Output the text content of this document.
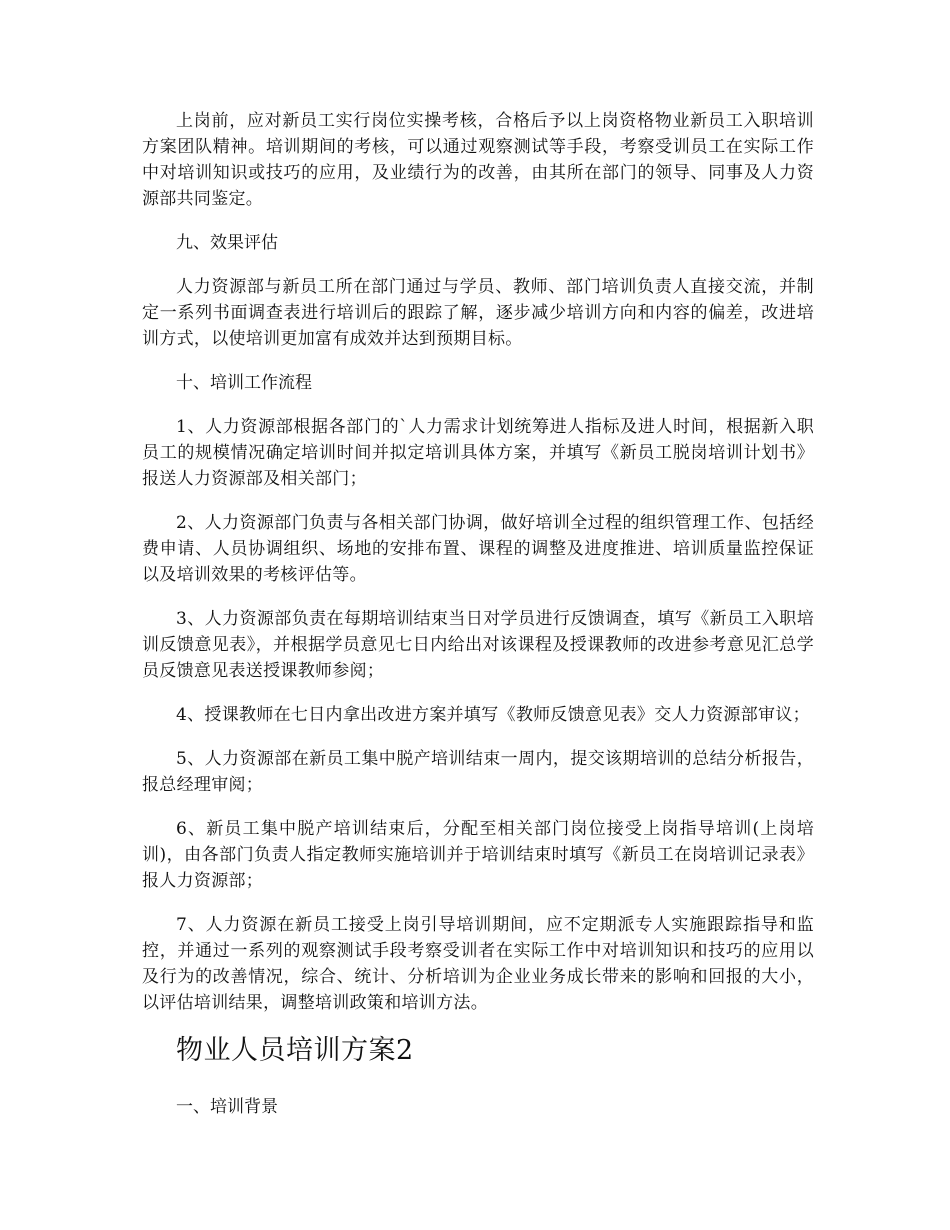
上岗前，应对新员工实行岗位实操考核，合格后予以上岗资格物业新员工入职培训方案团队精神。培训期间的考核，可以通过观察测试等手段，考察受训员工在实际工作中对培训知识或技巧的应用，及业绩行为的改善，由其所在部门的领导、同事及人力资源部共同鉴定。

九、效果评估

人力资源部与新员工所在部门通过与学员、教师、部门培训负责人直接交流，并制定一系列书面调查表进行培训后的跟踪了解，逐步减少培训方向和内容的偏差，改进培训方式，以使培训更加富有成效并达到预期目标。

十、培训工作流程

1、人力资源部根据各部门的`人力需求计划统筹进人指标及进人时间，根据新入职员工的规模情况确定培训时间并拟定培训具体方案，并填写《新员工脱岗培训计划书》报送人力资源部及相关部门；

2、人力资源部门负责与各相关部门协调，做好培训全过程的组织管理工作、包括经费申请、人员协调组织、场地的安排布置、课程的调整及进度推进、培训质量监控保证以及培训效果的考核评估等。

3、人力资源部负责在每期培训结束当日对学员进行反馈调查，填写《新员工入职培训反馈意见表》，并根据学员意见七日内给出对该课程及授课教师的改进参考意见汇总学员反馈意见表送授课教师参阅；

4、授课教师在七日内拿出改进方案并填写《教师反馈意见表》交人力资源部审议；

5、人力资源部在新员工集中脱产培训结束一周内，提交该期培训的总结分析报告，报总经理审阅；

6、新员工集中脱产培训结束后，分配至相关部门岗位接受上岗指导培训(上岗培训)，由各部门负责人指定教师实施培训并于培训结束时填写《新员工在岗培训记录表》报人力资源部；

7、人力资源在新员工接受上岗引导培训期间，应不定期派专人实施跟踪指导和监控，并通过一系列的观察测试手段考察受训者在实际工作中对培训知识和技巧的应用以及行为的改善情况，综合、统计、分析培训为企业业务成长带来的影响和回报的大小，以评估培训结果，调整培训政策和培训方法。

物业人员培训方案2

一、培训背景
